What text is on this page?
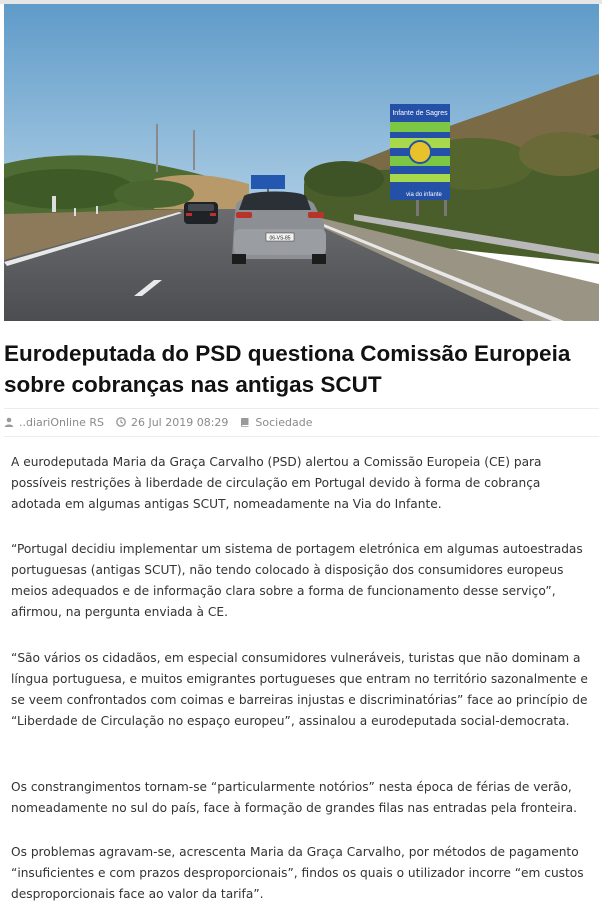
Infante de Sagres
via do infante
06-VS-85
Eurodeputada do PSD questiona Comissão Europeia sobre cobranças nas antigas SCUT
..diariOnline RS 26 Jul 2019 08:29 Sociedade

A eurodeputada Maria da Graça Carvalho (PSD) alertou a Comissão Europeia (CE) para possíveis restrições à liberdade de circulação em Portugal devido à forma de cobrança adotada em algumas antigas SCUT, nomeadamente na Via do Infante.

“Portugal decidiu implementar um sistema de portagem eletrónica em algumas autoestradas portuguesas (antigas SCUT), não tendo colocado à disposição dos consumidores europeus meios adequados e de informação clara sobre a forma de funcionamento desse serviço”, afirmou, na pergunta enviada à CE.

“São vários os cidadãos, em especial consumidores vulneráveis, turistas que não dominam a língua portuguesa, e muitos emigrantes portugueses que entram no território sazonalmente e se veem confrontados com coimas e barreiras injustas e discriminatórias” face ao princípio de “Liberdade de Circulação no espaço europeu”, assinalou a eurodeputada social-democrata.

Os constrangimentos tornam-se “particularmente notórios” nesta época de férias de verão, nomeadamente no sul do país, face à formação de grandes filas nas entradas pela fronteira.

Os problemas agravam-se, acrescenta Maria da Graça Carvalho, por métodos de pagamento “insuficientes e com prazos desproporcionais”, findos os quais o utilizador incorre “em custos desproporcionais face ao valor da tarifa”.
